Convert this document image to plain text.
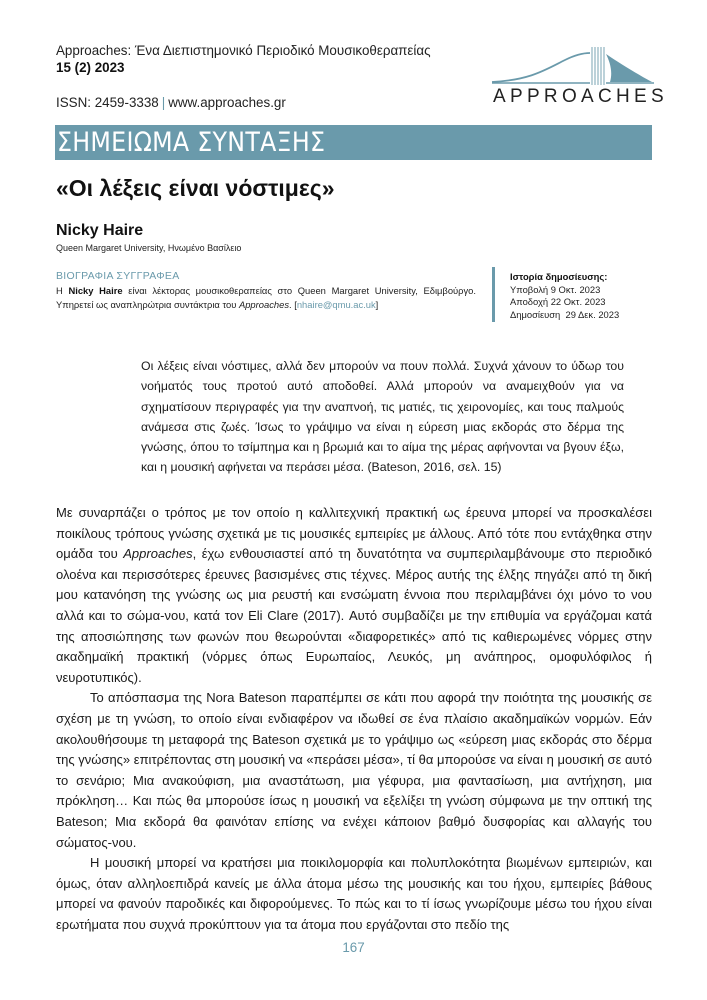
Approaches: Ένα Διεπιστημονικό Περιοδικό Μουσικοθεραπείας
15 (2) 2023
ISSN: 2459-3338 | www.approaches.gr	APPROACHES
ΣΗΜΕΙΩΜΑ ΣΥΝΤΑΞΗΣ
«Οι λέξεις είναι νόστιμες»
Nicky Haire
Queen Margaret University, Ηνωμένο Βασίλειο
ΒΙΟΓΡΑΦΙΑ ΣΥΓΓΡΑΦΕΑ
Η Nicky Haire είναι λέκτορας μουσικοθεραπείας στο Queen Margaret University, Εδιμβούργο. Υπηρετεί ως αναπληρώτρια συντάκτρια του Approaches. [nhaire@qmu.ac.uk]
Ιστορία δημοσίευσης:
Υποβολή 9 Οκτ. 2023
Αποδοχή 22 Οκτ. 2023
Δημοσίευση  29 Δεκ. 2023
Οι λέξεις είναι νόστιμες, αλλά δεν μπορούν να πουν πολλά. Συχνά χάνουν το ύδωρ του νοήματός τους προτού αυτό αποδοθεί. Αλλά μπορούν να αναμειχθούν για να σχηματίσουν περιγραφές για την αναπνοή, τις ματιές, τις χειρονομίες, και τους παλμούς ανάμεσα στις ζωές. Ίσως το γράψιμο να είναι η εύρεση μιας εκδοράς στο δέρμα της γνώσης, όπου το τσίμπημα και η βρωμιά και το αίμα της μέρας αφήνονται να βγουν έξω, και η μουσική αφήνεται να περάσει μέσα. (Bateson, 2016, σελ. 15)

Με συναρπάζει ο τρόπος με τον οποίο η καλλιτεχνική πρακτική ως έρευνα μπορεί να προσκαλέσει ποικίλους τρόπους γνώσης σχετικά με τις μουσικές εμπειρίες με άλλους. Από τότε που εντάχθηκα στην ομάδα του Approaches, έχω ενθουσιαστεί από τη δυνατότητα να συμπεριλαμβάνουμε στο περιοδικό ολοένα και περισσότερες έρευνες βασισμένες στις τέχνες. Μέρος αυτής της έλξης πηγάζει από τη δική μου κατανόηση της γνώσης ως μια ρευστή και ενσώματη έννοια που περιλαμβάνει όχι μόνο το νου αλλά και το σώμα-νου, κατά τον Eli Clare (2017). Αυτό συμβαδίζει με την επιθυμία να εργάζομαι κατά της αποσιώπησης των φωνών που θεωρούνται «διαφορετικές» από τις καθιερωμένες νόρμες στην ακαδημαϊκή πρακτική (νόρμες όπως Ευρωπαίος, Λευκός, μη ανάπηρος, ομοφυλόφιλος ή νευροτυπικός).

Το απόσπασμα της Nora Bateson παραπέμπει σε κάτι που αφορά την ποιότητα της μουσικής σε σχέση με τη γνώση, το οποίο είναι ενδιαφέρον να ιδωθεί σε ένα πλαίσιο ακαδημαϊκών νορμών. Εάν ακολουθήσουμε τη μεταφορά της Bateson σχετικά με το γράψιμο ως «εύρεση μιας εκδοράς στο δέρμα της γνώσης» επιτρέποντας στη μουσική να «περάσει μέσα», τί θα μπορούσε να είναι η μουσική σε αυτό το σενάριο; Μια ανακούφιση, μια αναστάτωση, μια γέφυρα, μια φαντασίωση, μια αντήχηση, μια πρόκληση… Και πώς θα μπορούσε ίσως η μουσική να εξελίξει τη γνώση σύμφωνα με την οπτική της Bateson; Μια εκδορά θα φαινόταν επίσης να ενέχει κάποιον βαθμό δυσφορίας και αλλαγής του σώματος-νου.

Η μουσική μπορεί να κρατήσει μια ποικιλομορφία και πολυπλοκότητα βιωμένων εμπειριών, και όμως, όταν αλληλοεπιδρά κανείς με άλλα άτομα μέσω της μουσικής και του ήχου, εμπειρίες βάθους μπορεί να φανούν παροδικές και διφορούμενες. Το πώς και το τί ίσως γνωρίζουμε μέσω του ήχου είναι ερωτήματα που συχνά προκύπτουν για τα άτομα που εργάζονται στο πεδίο της

167
